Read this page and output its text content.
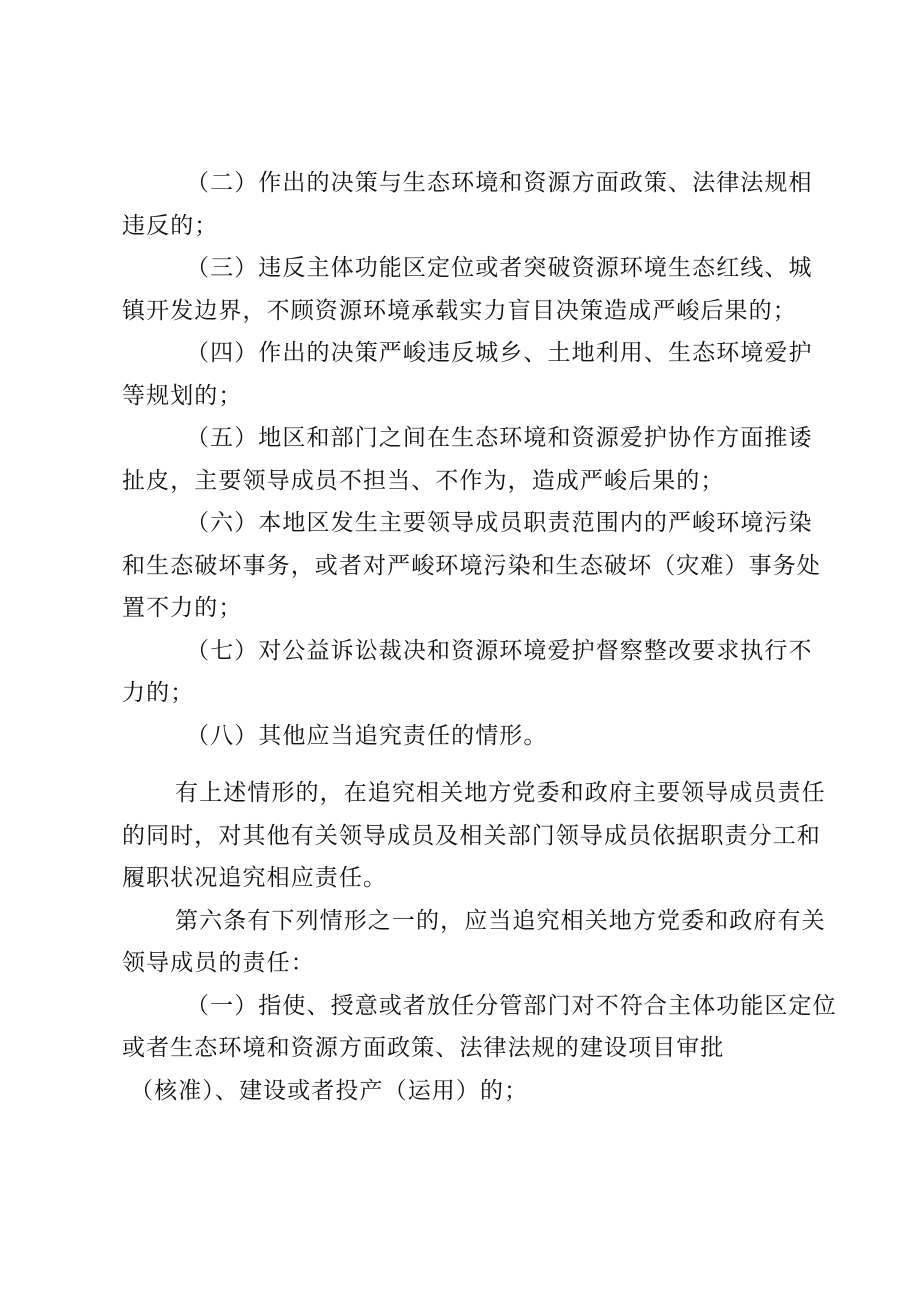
（二）作出的决策与生态环境和资源方面政策、法律法规相
违反的；
（三）违反主体功能区定位或者突破资源环境生态红线、城
镇开发边界，不顾资源环境承载实力盲目决策造成严峻后果的；
（四）作出的决策严峻违反城乡、土地利用、生态环境爱护
等规划的；
（五）地区和部门之间在生态环境和资源爱护协作方面推诿
扯皮，主要领导成员不担当、不作为，造成严峻后果的；
（六）本地区发生主要领导成员职责范围内的严峻环境污染
和生态破坏事务，或者对严峻环境污染和生态破坏（灾难）事务处
置不力的；
（七）对公益诉讼裁决和资源环境爱护督察整改要求执行不
力的；
（八）其他应当追究责任的情形。
有上述情形的，在追究相关地方党委和政府主要领导成员责任
的同时，对其他有关领导成员及相关部门领导成员依据职责分工和
履职状况追究相应责任。
第六条有下列情形之一的，应当追究相关地方党委和政府有关
领导成员的责任：
（一）指使、授意或者放任分管部门对不符合主体功能区定位
或者生态环境和资源方面政策、法律法规的建设项目审批
（核准）、建设或者投产（运用）的；
